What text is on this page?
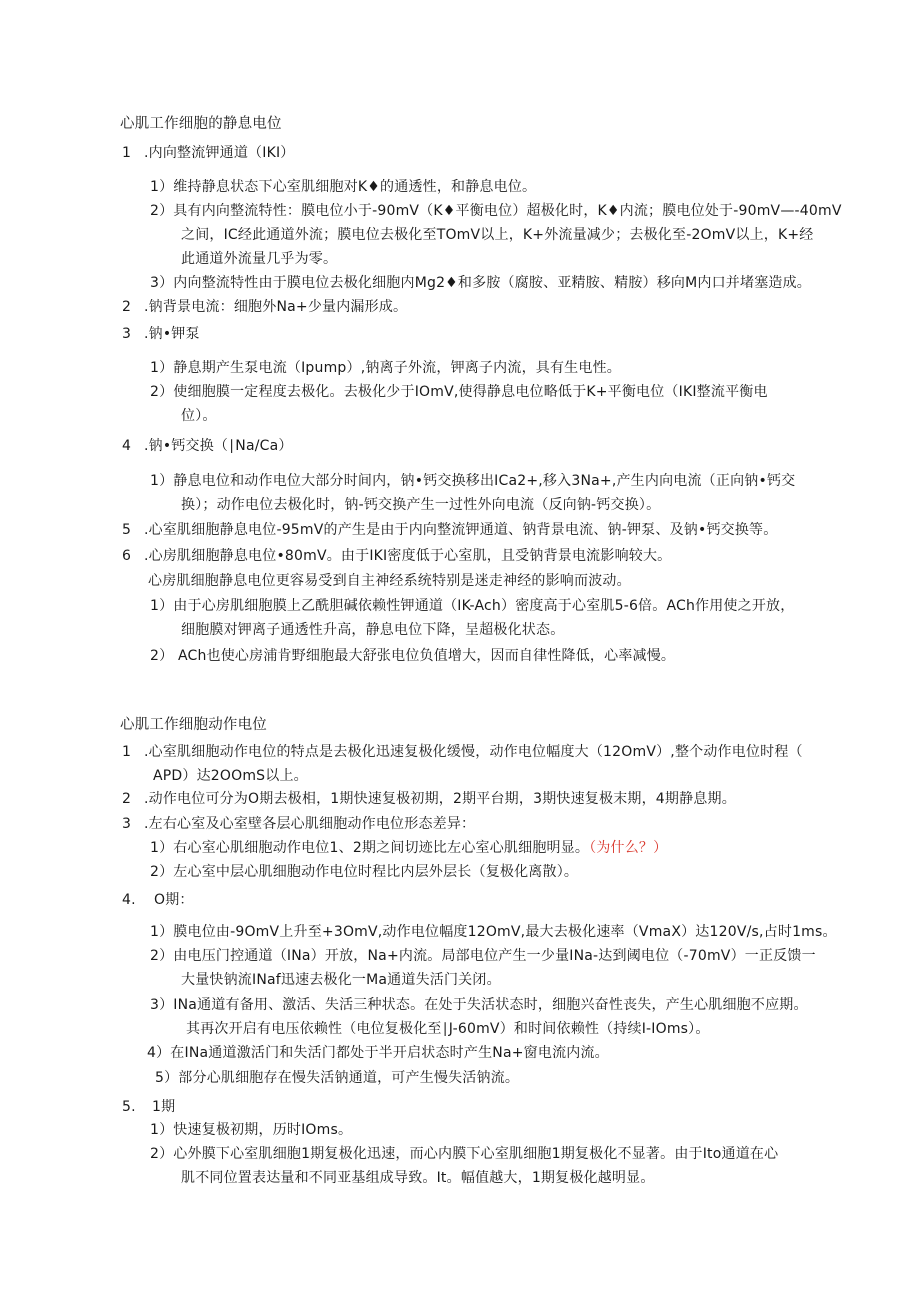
心肌工作细胞的静息电位
1 .内向整流钾通道（IKI）
1）维持静息状态下心室肌细胞对K♦的通透性，和静息电位。
2）具有内向整流特性：膜电位小于-90mV（K♦平衡电位）超极化时，K♦内流；膜电位处于-90mV—-40mV
之间，IC经此通道外流；膜电位去极化至TOmV以上，K+外流量减少；去极化至-2OmV以上，K+经
此通道外流量几乎为零。
3）内向整流特性由于膜电位去极化细胞内Mg2♦和多胺（腐胺、亚精胺、精胺）移向M内口并堵塞造成。
2 .钠背景电流：细胞外Na+少量内漏形成。
3 .钠•钾泵
1）静息期产生泵电流（Ipump）,钠离子外流，钾离子内流，具有生电性。
2）使细胞膜一定程度去极化。去极化少于IOmV,使得静息电位略低于K+平衡电位（IKI整流平衡电
位）。
4 .钠•钙交换（∣Na/Ca）
1）静息电位和动作电位大部分时间内，钠•钙交换移出ICa2+,移入3Na+,产生内向电流（正向钠•钙交
换）；动作电位去极化时，钠-钙交换产生一过性外向电流（反向钠-钙交换）。
5 .心室肌细胞静息电位-95mV的产生是由于内向整流钾通道、钠背景电流、钠-钾泵、及钠•钙交换等。
6 .心房肌细胞静息电位•80mV。由于IKI密度低于心室肌，且受钠背景电流影响较大。
心房肌细胞静息电位更容易受到自主神经系统特别是迷走神经的影响而波动。
1）由于心房肌细胞膜上乙酰胆碱依赖性钾通道（IK-Ach）密度高于心室肌5-6倍。ACh作用使之开放，
细胞膜对钾离子通透性升高，静息电位下降，呈超极化状态。
2） ACh也使心房浦肯野细胞最大舒张电位负值增大，因而自律性降低，心率减慢。
心肌工作细胞动作电位
1 .心室肌细胞动作电位的特点是去极化迅速复极化缓慢，动作电位幅度大（12OmV）,整个动作电位时程（
APD）达2OOmS以上。
2 .动作电位可分为O期去极相，1期快速复极初期，2期平台期，3期快速复极末期，4期静息期。
3 .左右心室及心室壁各层心肌细胞动作电位形态差异：
1）右心室心肌细胞动作电位1、2期之间切迹比左心室心肌细胞明显。（为什么？）
2）左心室中层心肌细胞动作电位时程比内层外层长（复极化离散）。
4. O期：
1）膜电位由-9OmV上升至+3OmV,动作电位幅度12OmV,最大去极化速率（VmaX）达120V/s,占时1ms。
2）由电压门控通道（INa）开放，Na+内流。局部电位产生一少量INa-达到阈电位（-70mV）一正反馈一
大量快钠流INaf迅速去极化一Ma通道失活门关闭。
3）INa通道有备用、激活、失活三种状态。在处于失活状态时，细胞兴奋性丧失，产生心肌细胞不应期。
其再次开启有电压依赖性（电位复极化至∣J-60mV）和时间依赖性（持续I-IOms）。
4）在INa通道激活门和失活门都处于半开启状态时产生Na+窗电流内流。
5）部分心肌细胞存在慢失活钠通道，可产生慢失活钠流。
5. 1期
1）快速复极初期，历时IOms。
2）心外膜下心室肌细胞1期复极化迅速，而心内膜下心室肌细胞1期复极化不显著。由于Ito通道在心
肌不同位置表达量和不同亚基组成导致。It。幅值越大，1期复极化越明显。
